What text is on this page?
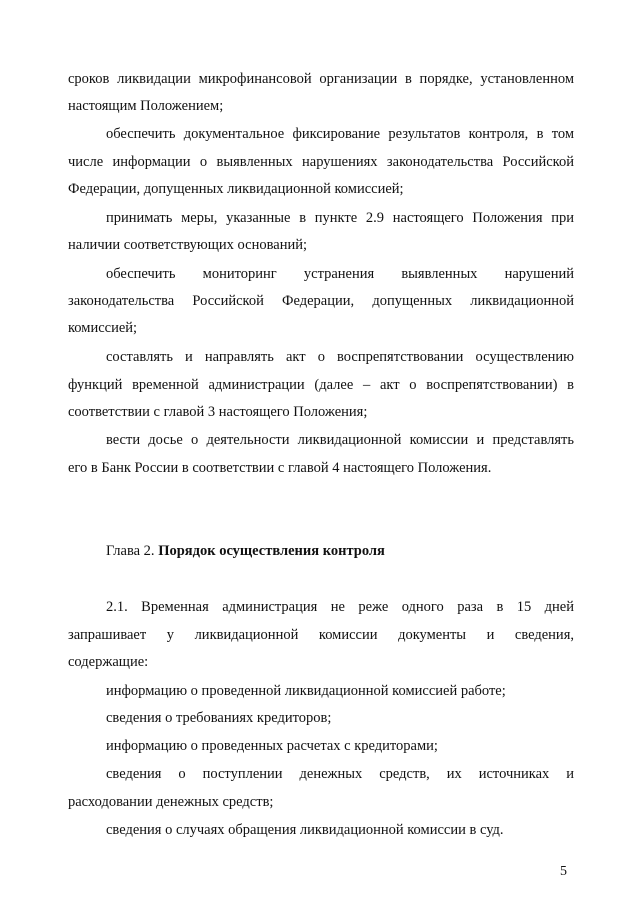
сроков ликвидации микрофинансовой организации в порядке, установленном
настоящим Положением;
обеспечить документальное фиксирование результатов контроля, в том
числе информации о выявленных нарушениях законодательства Российской
Федерации, допущенных ликвидационной комиссией;
принимать меры, указанные в пункте 2.9 настоящего Положения при
наличии соответствующих оснований;
обеспечить мониторинг устранения выявленных нарушений
законодательства Российской Федерации, допущенных ликвидационной
комиссией;
составлять и направлять акт о воспрепятствовании осуществлению
функций временной администрации (далее – акт о воспрепятствовании) в
соответствии с главой 3 настоящего Положения;
вести досье о деятельности ликвидационной комиссии и представлять
его в Банк России в соответствии с главой 4 настоящего Положения.
Глава 2. Порядок осуществления контроля
2.1. Временная администрация не реже одного раза в 15 дней
запрашивает у ликвидационной комиссии документы и сведения,
содержащие:
информацию о проведенной ликвидационной комиссией работе;
сведения о требованиях кредиторов;
информацию о проведенных расчетах с кредиторами;
сведения о поступлении денежных средств, их источниках и
расходовании денежных средств;
сведения о случаях обращения ликвидационной комиссии в суд.
5
